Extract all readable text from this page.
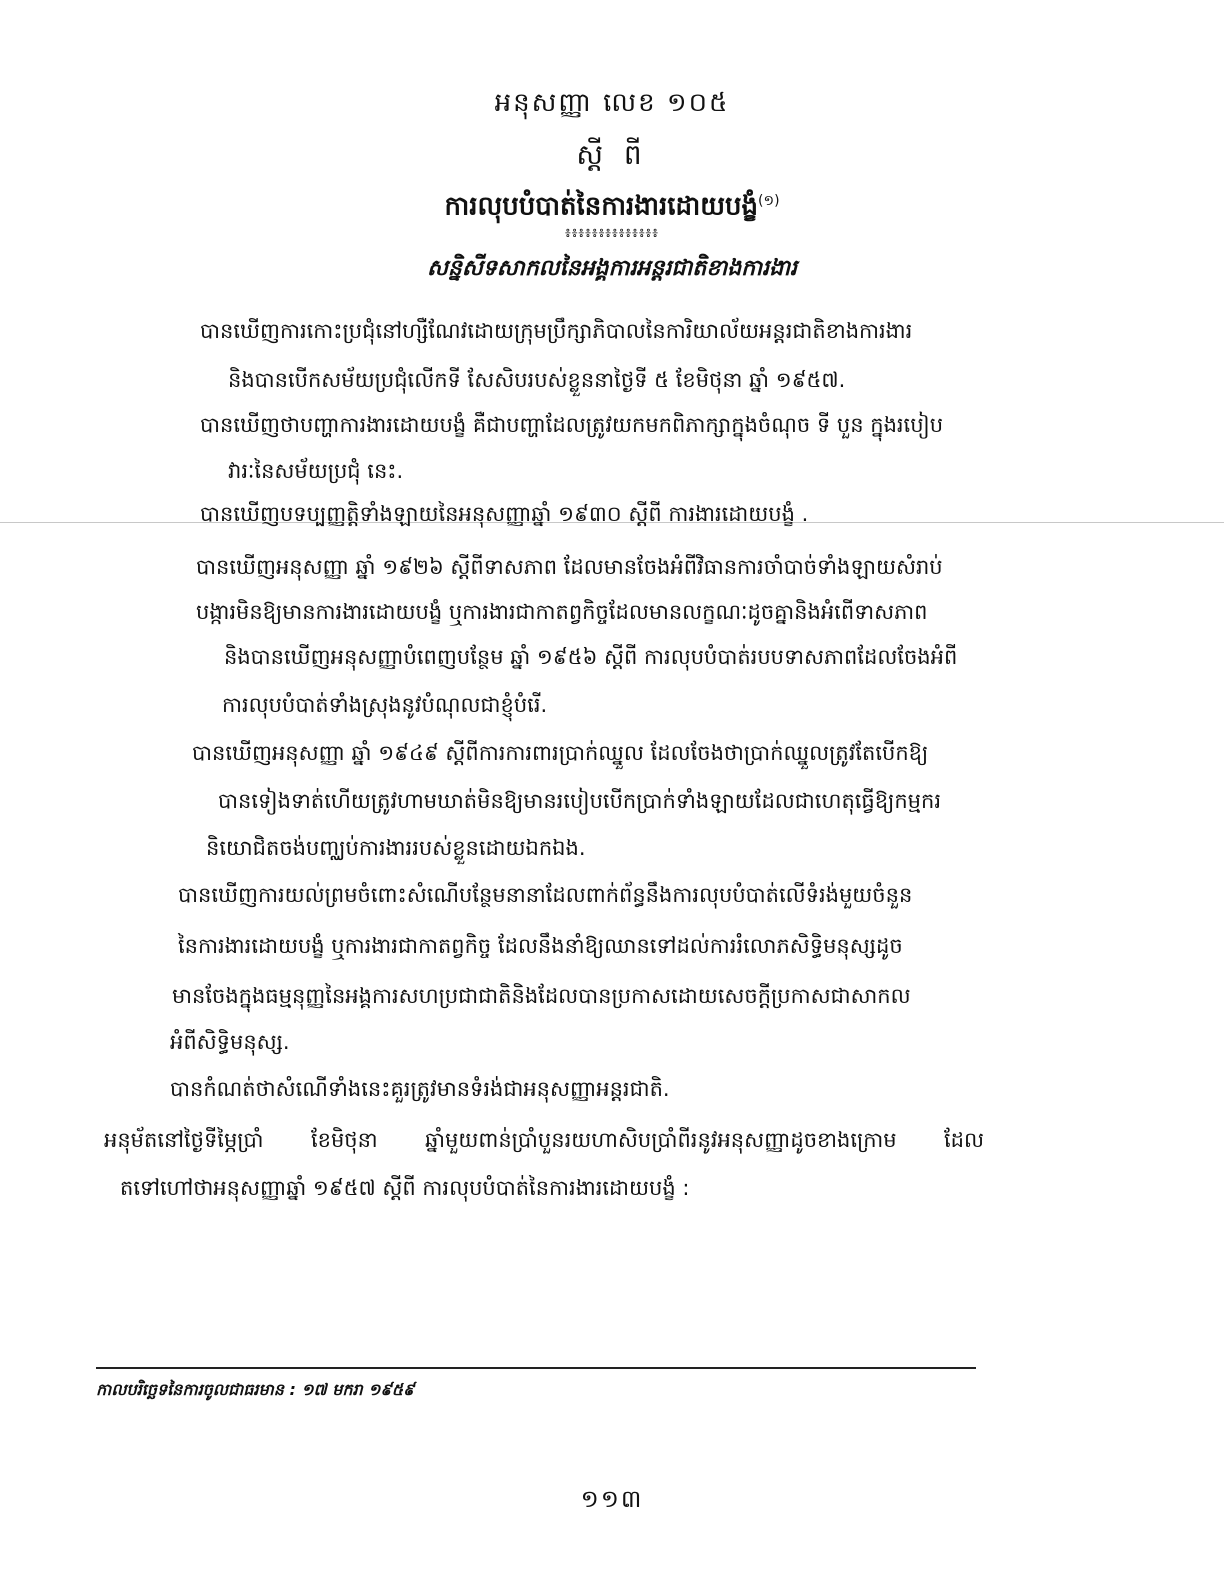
អនុសញ្ញា លេខ ១០៥
ស្តី ពី
ការលុបបំបាត់នៃការងារដោយបង្ខំ$^{(១)}$
៖៖៖៖៖៖៖៖៖៖៖៖៖៖
សន្និសីទសាកលនៃអង្គការអន្តរជាតិខាងការងារ
បានឃើញការកោះប្រជុំនៅហ្សឺណែវដោយក្រុមប្រឹក្សាភិបាលនៃការិយាល័យអន្តរជាតិខាងការងារ
និងបានបើកសម័យប្រជុំលើកទី សែសិបរបស់ខ្លួននាថ្ងៃទី ៥ ខែមិថុនា ឆ្នាំ ១៩៥៧.
បានឃើញថាបញ្ហាការងារដោយបង្ខំ គឺជាបញ្ហាដែលត្រូវយកមកពិភាក្សាក្នុងចំណុច ទី បួន ក្នុងរបៀប
វារៈនៃសម័យប្រជុំ នេះ.
បានឃើញបទប្បញ្ញត្តិទាំងឡាយនៃអនុសញ្ញាឆ្នាំ ១៩៣០ ស្តីពី ការងារដោយបង្ខំ .
បានឃើញអនុសញ្ញា ឆ្នាំ ១៩២៦ ស្តីពីទាសភាព ដែលមានចែងអំពីវិធានការចាំបាច់ទាំងឡាយសំរាប់
បង្ការមិនឱ្យមានការងារដោយបង្ខំ ឬការងារជាកាតព្វកិច្ចដែលមានលក្ខណៈដូចគ្នានិងអំពើទាសភាព
និងបានឃើញអនុសញ្ញាបំពេញបន្ថែម ឆ្នាំ ១៩៥៦ ស្តីពី ការលុបបំបាត់របបទាសភាពដែលចែងអំពី
ការលុបបំបាត់ទាំងស្រុងនូវបំណុលជាខ្ញុំបំរើ.
បានឃើញអនុសញ្ញា ឆ្នាំ ១៩៤៩ ស្តីពីការការពារប្រាក់ឈ្នួល ដែលចែងថាប្រាក់ឈ្នួលត្រូវតែបើកឱ្យ
បានទៀងទាត់ហើយត្រូវហាមឃាត់មិនឱ្យមានរបៀបបើកប្រាក់ទាំងឡាយដែលជាហេតុធ្វើឱ្យកម្មករ
និយោជិតចង់បញ្ឈប់ការងាររបស់ខ្លួនដោយឯកឯង.
បានឃើញការយល់ព្រមចំពោះសំណើបន្ថែមនានាដែលពាក់ព័ន្ធនឹងការលុបបំបាត់លើទំរង់មួយចំនួន
នៃការងារដោយបង្ខំ ឬការងារជាកាតព្វកិច្ច ដែលនឹងនាំឱ្យឈានទៅដល់ការរំលោភសិទ្ធិមនុស្សដូច
មានចែងក្នុងធម្មនុញ្ញនៃអង្គការសហប្រជាជាតិនិងដែលបានប្រកាសដោយសេចក្តីប្រកាសជាសាកល
អំពីសិទ្ធិមនុស្ស.
បានកំណត់ថាសំណើទាំងនេះគួរត្រូវមានទំរង់ជាអនុសញ្ញាអន្តរជាតិ.
អនុម័តនៅថ្ងៃទីម្ភៃប្រាំ ខែមិថុនា ឆ្នាំមួយពាន់ប្រាំបួនរយហាសិបប្រាំពីរនូវអនុសញ្ញាដូចខាងក្រោម ដែល
តទៅហៅថាអនុសញ្ញាឆ្នាំ ១៩៥៧ ស្តីពី ការលុបបំបាត់នៃការងារដោយបង្ខំ :
កាលបរិច្ឆេទនៃការចូលជាធរមាន : ១៧ មករា ១៩៥៩
១១៣
